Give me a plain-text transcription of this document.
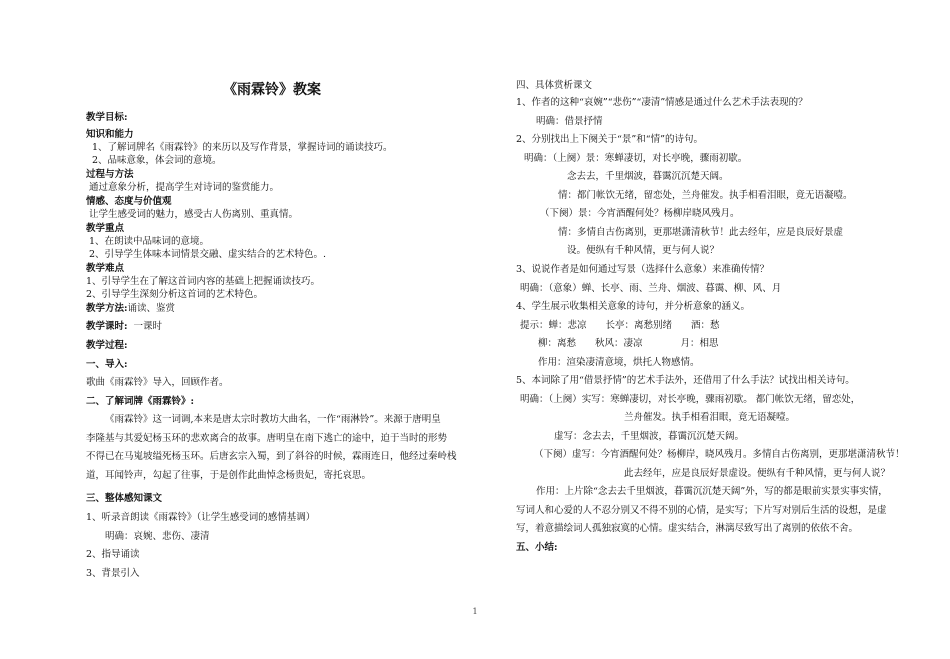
《雨霖铃》教案
教学目标:
知识和能力
1、了解词牌名《雨霖铃》的来历以及写作背景，掌握诗词的诵读技巧。
2、品味意象，体会词的意境。
过程与方法
通过意象分析，提高学生对诗词的鉴赏能力。
情感、态度与价值观
让学生感受词的魅力，感受古人伤离别、重真情。
教学重点
1、在朗读中品味词的意境。
2、引导学生体味本词情景交融、虚实结合的艺术特色。.
教学难点
1、引导学生在了解这首词内容的基础上把握诵读技巧。
2、引导学生深刻分析这首词的艺术特色。
教学方法:诵读、鉴赏
教学课时: 一课时
教学过程:
一、导入:
歌曲《雨霖铃》导入，回顾作者。
二、了解词牌《雨霖铃》:
《雨霖铃》这一词调,本来是唐太宗时教坊大曲名，一作“雨淋铃”。来源于唐明皇
李隆基与其爱妃杨玉环的悲欢离合的故事。唐明皇在南下逃亡的途中，迫于当时的形势
不得已在马嵬坡缢死杨玉环。后唐玄宗入蜀，到了斜谷的时候，霖雨连日，他经过秦岭栈
道，耳闻铃声，勾起了往事，于是创作此曲悼念杨贵妃，寄托哀思。
三、整体感知课文
1、听录音朗读《雨霖铃》（让学生感受词的感情基调）
明确：哀婉、悲伤、凄清
2、指导诵读
3、背景引入
四、具体赏析课文
1、作者的这种“哀婉”“悲伤”“凄清”情感是通过什么艺术手法表现的？
明确：借景抒情
2、分别找出上下阕关于“景”和“情”的诗句。
明确：（上阕）景：寒蝉凄切，对长亭晚，骤雨初歇。
念去去，千里烟波，暮霭沉沉楚天阔。
情：都门帐饮无绪，留恋处，兰舟催发。执手相看泪眼，竟无语凝噎。
（下阕）景：今宵酒醒何处？杨柳岸晓风残月。
情：多情自古伤离别，更那堪潇清秋节！此去经年，应是良辰好景虚
设。便纵有千种风情，更与何人说？
3、说说作者是如何通过写景（选择什么意象）来准确传情？
明确：（意象）蝉、长亭、雨、兰舟、烟波、暮霭、柳、风、月
4、学生展示收集相关意象的诗句，并分析意象的涵义。
提示：蝉：悲凉　　长亭：离愁别绪　　酒：愁
柳：离愁　　秋风：凄凉　　　　月：相思
作用：渲染凄清意境，烘托人物感情。
5、本词除了用“借景抒情”的艺术手法外，还借用了什么手法？试找出相关诗句。
明确：（上阕）实写：寒蝉凄切，对长亭晚，骤雨初歇。 都门帐饮无绪，留恋处，
兰舟催发。执手相看泪眼，竟无语凝噎。
虚写：念去去，千里烟波，暮霭沉沉楚天阔。
（下阕）虚写：今宵酒醒何处？杨柳岸，晓风残月。多情自古伤离别，更那堪潇清秋节！
此去经年，应是良辰好景虚设。便纵有千种风情，更与何人说？
作用：上片除“念去去千里烟波，暮霭沉沉楚天阔”外，写的都是眼前实景实事实情，
写词人和心爱的人不忍分别又不得不别的心情，是实写；下片写对别后生活的设想，是虚
写，着意描绘词人孤独寂寞的心情。虚实结合，淋漓尽致写出了离别的依依不舍。
五、小结:
1
